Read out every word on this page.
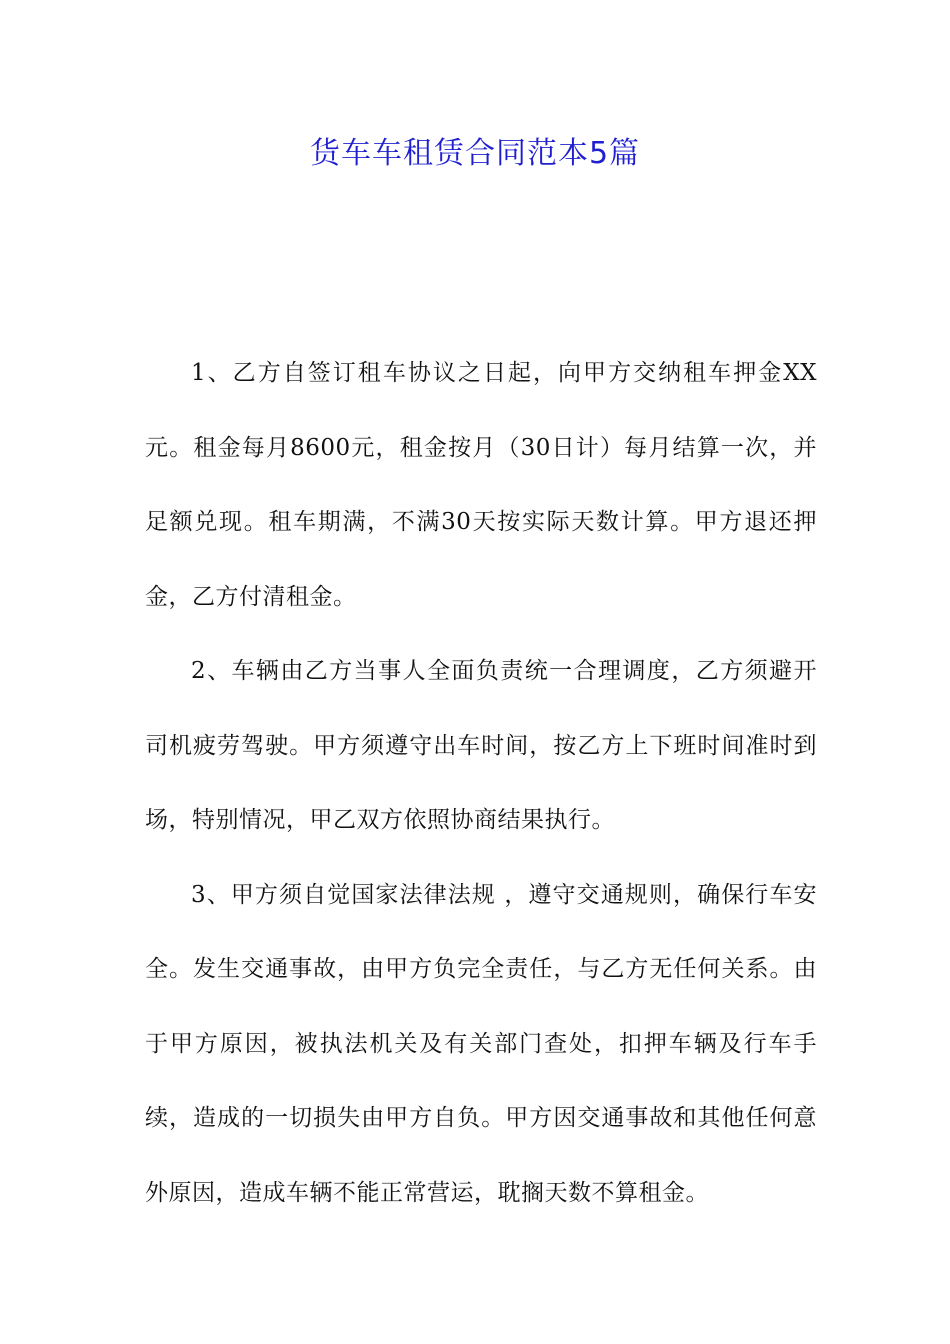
货车车租赁合同范本5篇

1、乙方自签订租车协议之日起，向甲方交纳租车押金XX元。租金每月8600元，租金按月（30日计）每月结算一次，并足额兑现。租车期满，不满30天按实际天数计算。甲方退还押金，乙方付清租金。

2、车辆由乙方当事人全面负责统一合理调度，乙方须避开司机疲劳驾驶。甲方须遵守出车时间，按乙方上下班时间准时到场，特别情况，甲乙双方依照协商结果执行。

3、甲方须自觉国家法律法规 ，遵守交通规则，确保行车安全。发生交通事故，由甲方负完全责任，与乙方无任何关系。由于甲方原因，被执法机关及有关部门查处，扣押车辆及行车手续，造成的一切损失由甲方自负。甲方因交通事故和其他任何意外原因，造成车辆不能正常营运，耽搁天数不算租金。
